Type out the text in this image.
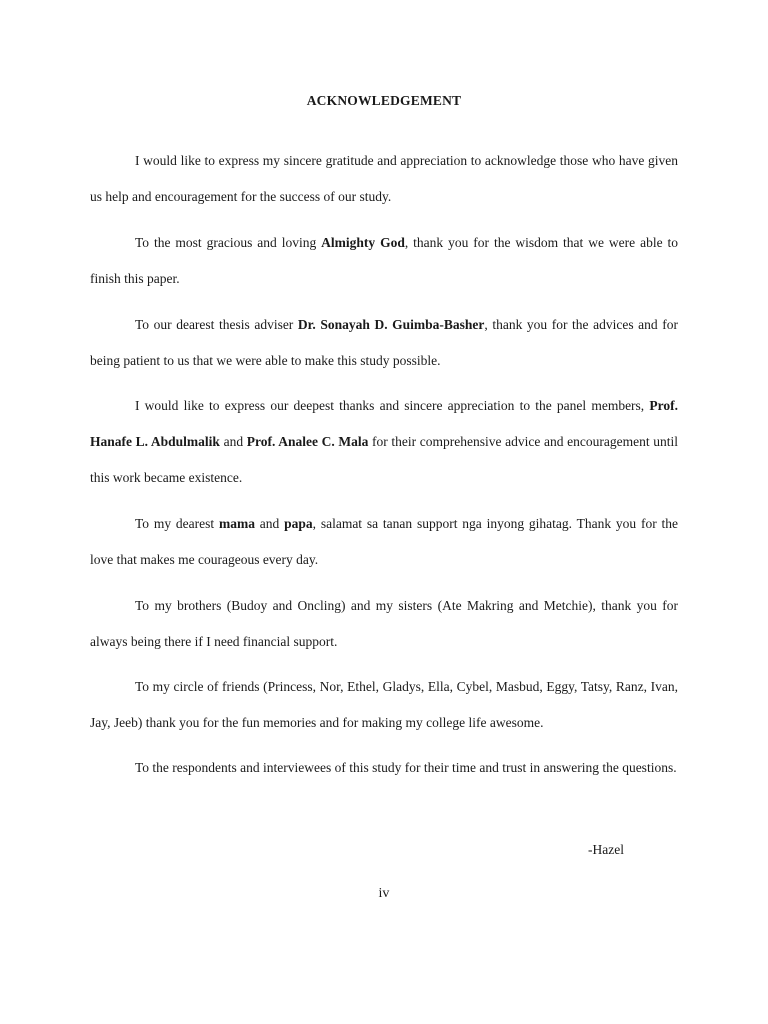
ACKNOWLEDGEMENT
I would like to express my sincere gratitude and appreciation to acknowledge those who have given us help and encouragement for the success of our study.
To the most gracious and loving Almighty God, thank you for the wisdom that we were able to finish this paper.
To our dearest thesis adviser Dr. Sonayah D. Guimba-Basher, thank you for the advices and for being patient to us that we were able to make this study possible.
I would like to express our deepest thanks and sincere appreciation to the panel members, Prof. Hanafe L. Abdulmalik and Prof. Analee C. Mala for their comprehensive advice and encouragement until this work became existence.
To my dearest mama and papa, salamat sa tanan support nga inyong gihatag. Thank you for the love that makes me courageous every day.
To my brothers (Budoy and Oncling) and my sisters (Ate Makring and Metchie), thank you for always being there if I need financial support.
To my circle of friends (Princess, Nor, Ethel, Gladys, Ella, Cybel, Masbud, Eggy, Tatsy, Ranz, Ivan, Jay, Jeeb) thank you for the fun memories and for making my college life awesome.
To the respondents and interviewees of this study for their time and trust in answering the questions.
-Hazel
iv
